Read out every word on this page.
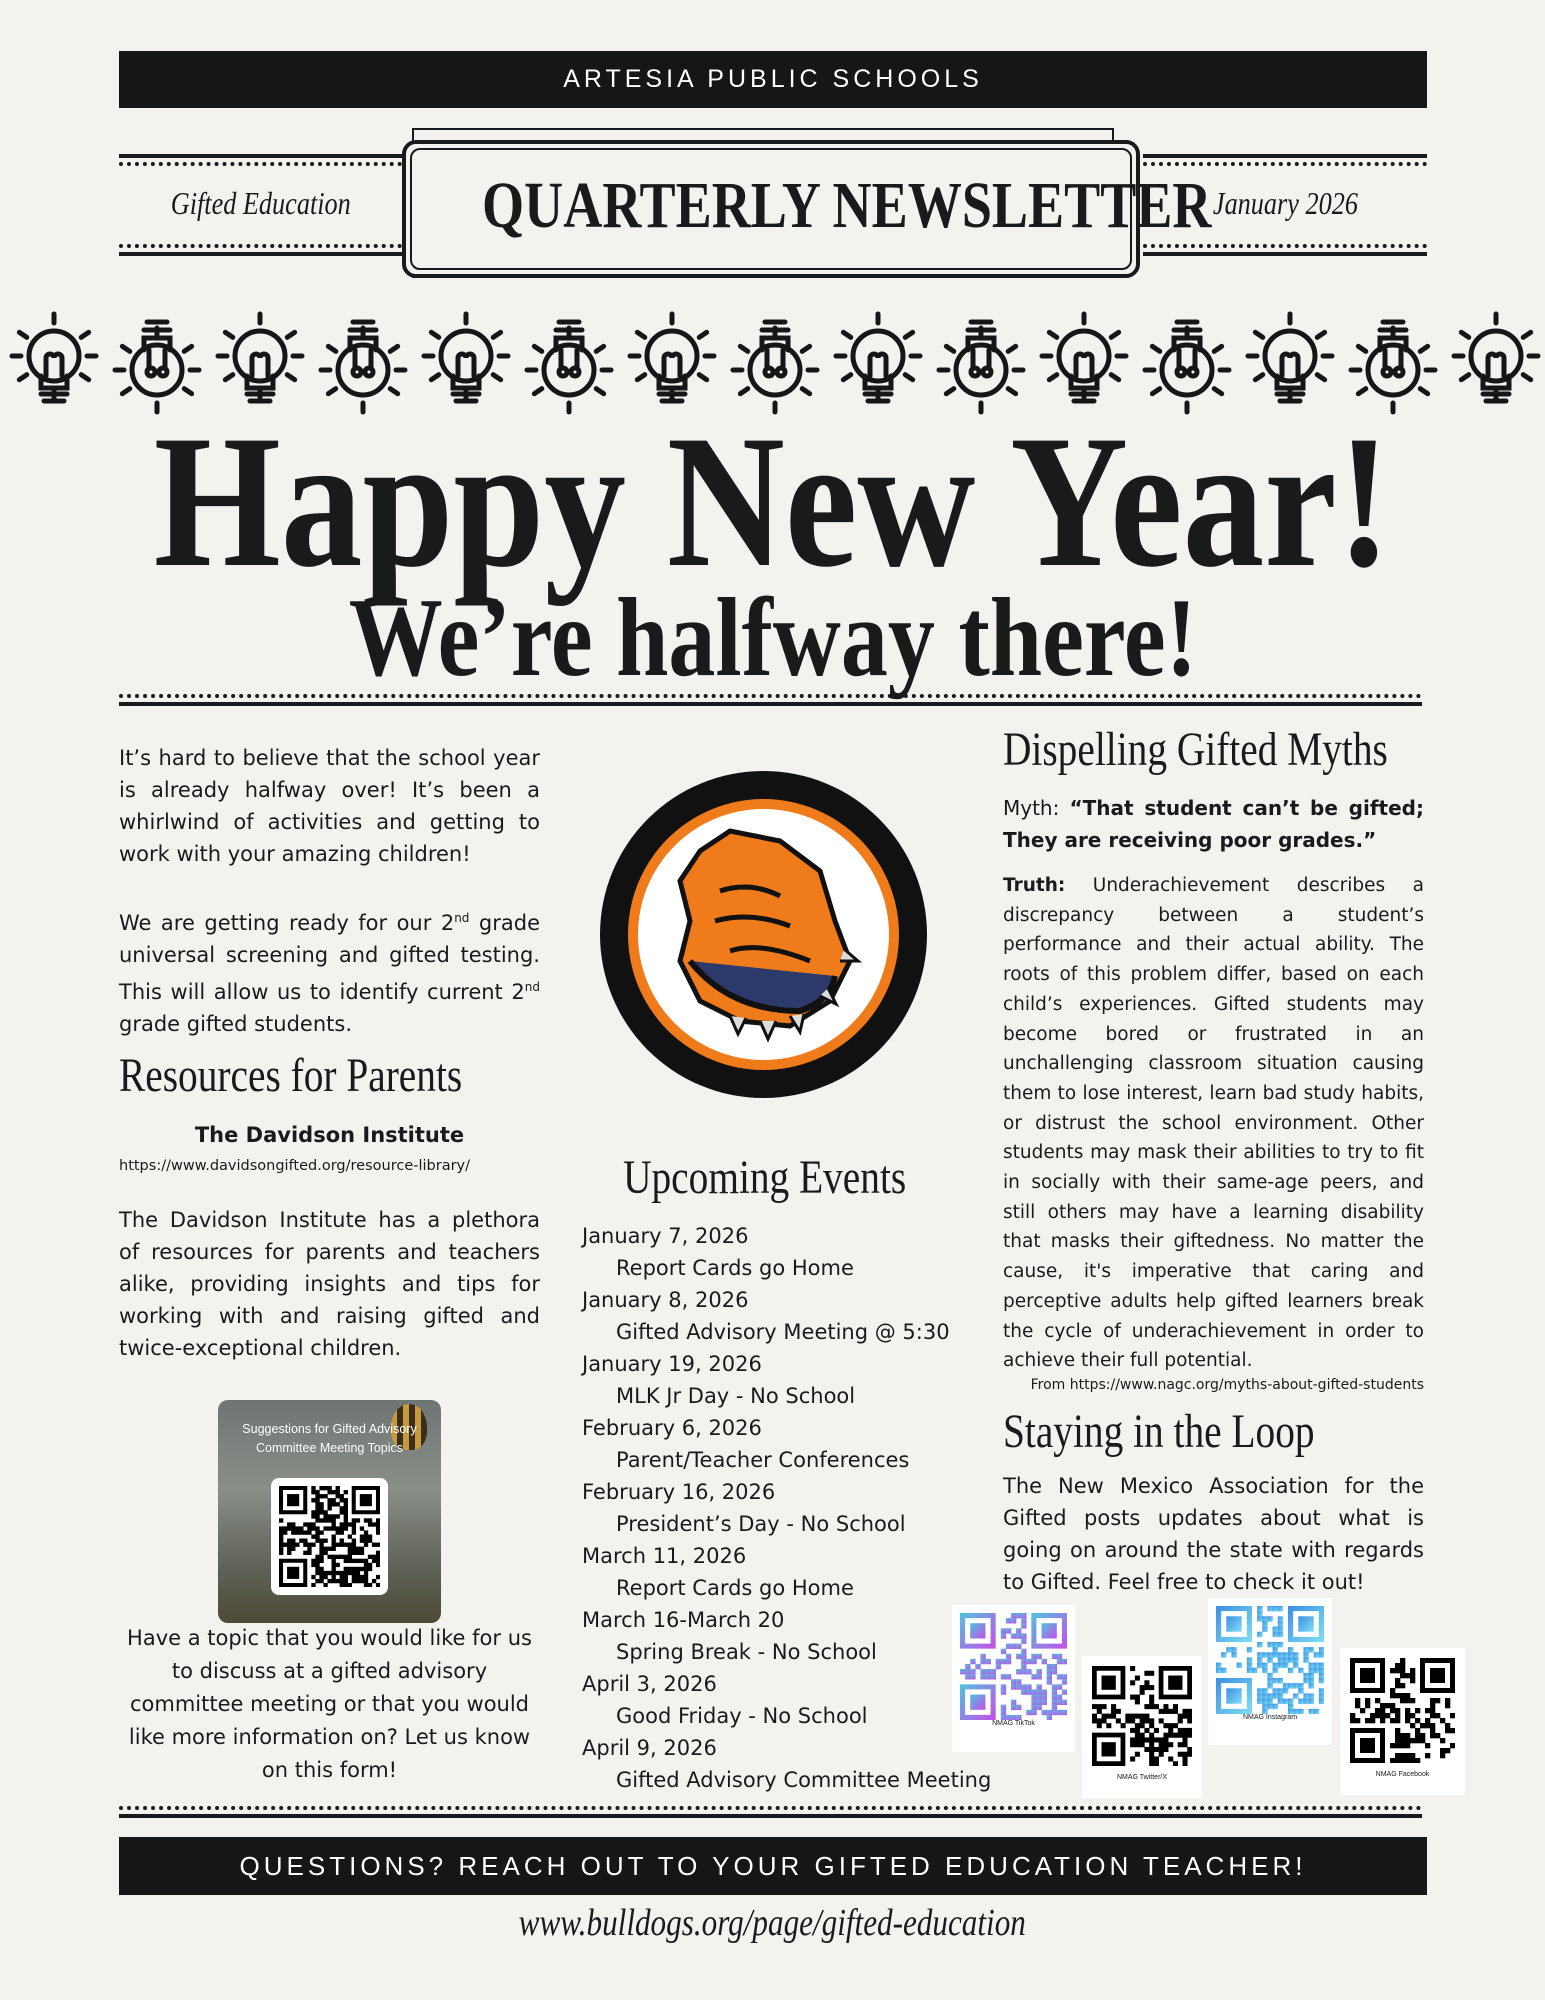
ARTESIA PUBLIC SCHOOLS
Gifted Education	QUARTERLY NEWSLETTER January 2026
Happy New Year!
We’re halfway there!
It’s hard to believe that the school year is already halfway over! It’s been a whirlwind of activities and getting to work with your amazing children!
We are getting ready for our 2nd grade universal screening and gifted testing. This will allow us to identify current 2nd grade gifted students.
Resources for Parents
The Davidson Institute
https://www.davidsongifted.org/resource-library/
The Davidson Institute has a plethora of resources for parents and teachers alike, providing insights and tips for working with and raising gifted and twice-exceptional children.
Suggestions for Gifted Advisory Committee Meeting Topics
Have a topic that you would like for us to discuss at a gifted advisory committee meeting or that you would like more information on? Let us know on this form!
Upcoming Events
January 7, 2026
Report Cards go Home
January 8, 2026
Gifted Advisory Meeting @ 5:30
January 19, 2026
MLK Jr Day - No School
February 6, 2026
Parent/Teacher Conferences
February 16, 2026
President’s Day - No School
March 11, 2026
Report Cards go Home
March 16-March 20
Spring Break - No School
April 3, 2026
Good Friday - No School
April 9, 2026
Gifted Advisory Committee Meeting
Dispelling Gifted Myths
Myth: “That student can’t be gifted; They are receiving poor grades.”
Truth: Underachievement describes a discrepancy between a student’s performance and their actual ability. The roots of this problem differ, based on each child’s experiences. Gifted students may become bored or frustrated in an unchallenging classroom situation causing them to lose interest, learn bad study habits, or distrust the school environment. Other students may mask their abilities to try to fit in socially with their same-age peers, and still others may have a learning disability that masks their giftedness. No matter the cause, it's imperative that caring and perceptive adults help gifted learners break the cycle of underachievement in order to achieve their full potential.
From https://www.nagc.org/myths-about-gifted-students
Staying in the Loop
The New Mexico Association for the Gifted posts updates about what is going on around the state with regards to Gifted. Feel free to check it out!
NMAG TikTok
NMAG Twitter/X
NMAG Instagram
NMAG Facebook
QUESTIONS? REACH OUT TO YOUR GIFTED EDUCATION TEACHER!
www.bulldogs.org/page/gifted-education
